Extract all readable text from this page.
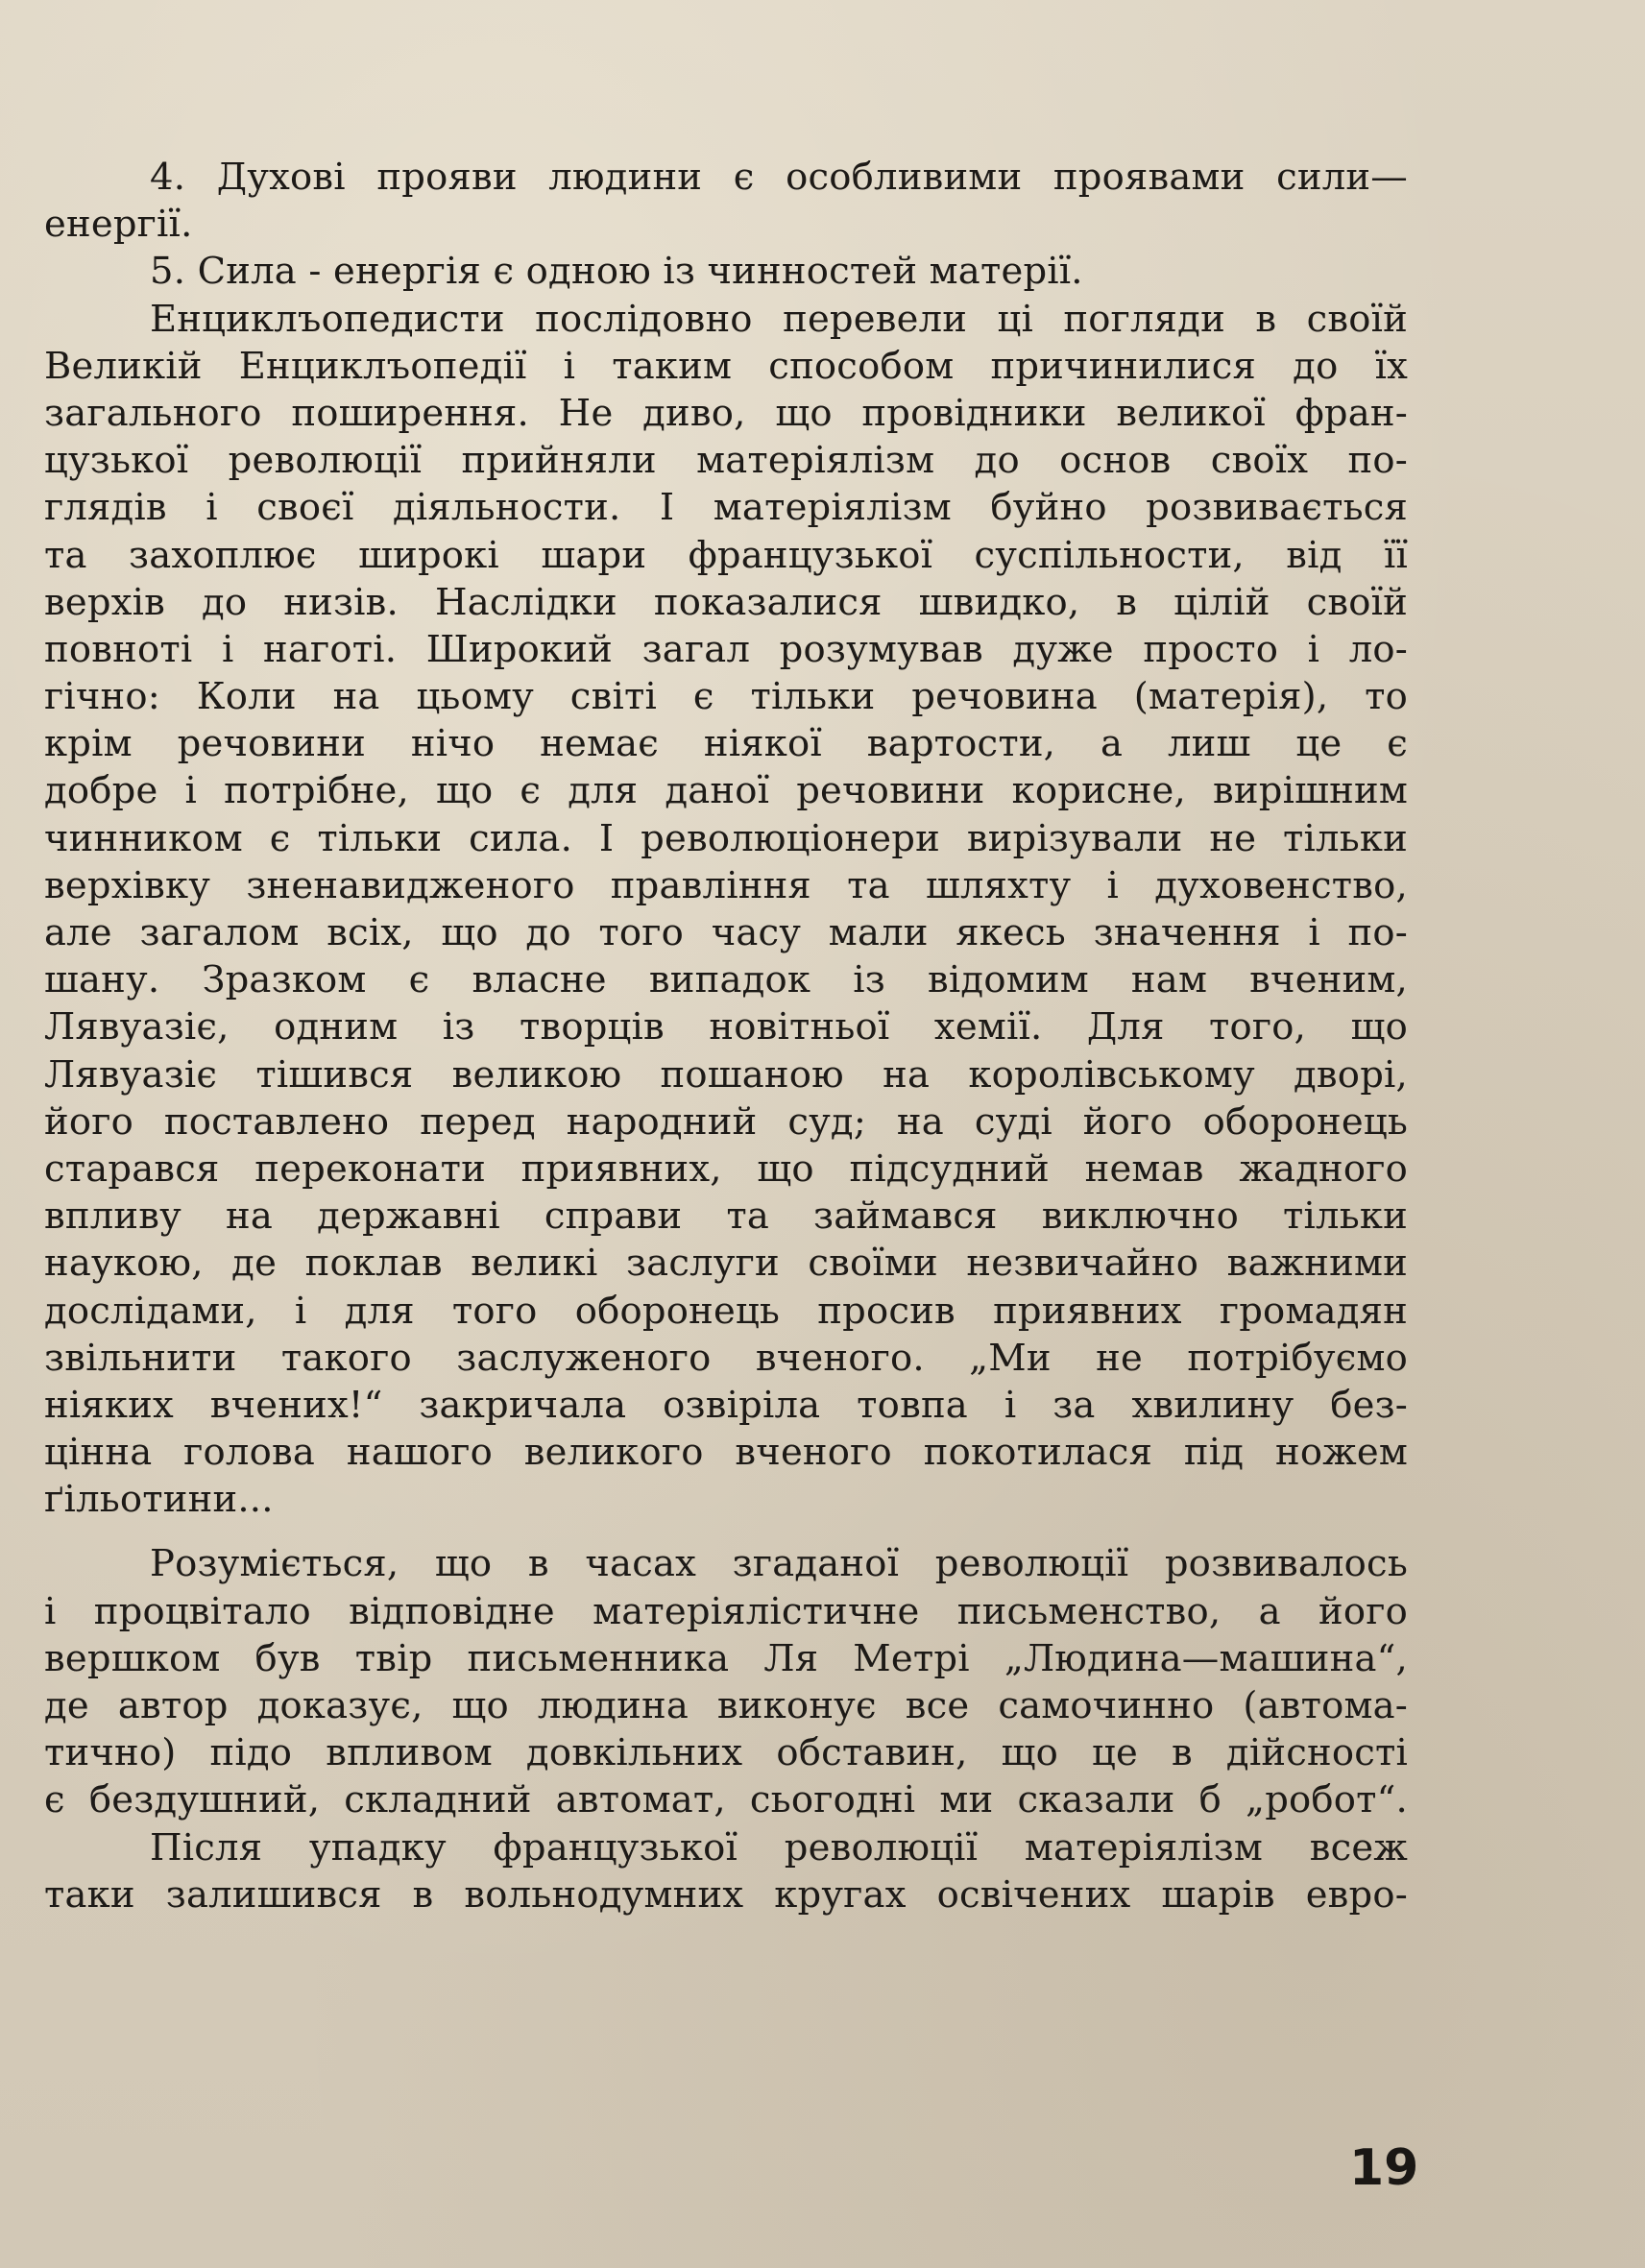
4. Духові прояви людини є особливими проявами сили—
енергії.
5. Сила - енергія є одною із чинностей матерії.
Енциклъопедисти послідовно перевели ці погляди в своїй
Великій Енциклъопедії і таким способом причинилися до їх
загального поширення. Не диво, що провідники великої фран-
цузької революції прийняли матеріялізм до основ своїх по-
глядів і своєї діяльности. І матеріялізм буйно розвивається
та захоплює широкі шари французької суспільности, від її
верхів до низів. Наслідки показалися швидко, в цілій своїй
повноті і наготі. Широкий загал розумував дуже просто і ло-
гічно: Коли на цьому світі є тільки речовина (матерія), то
крім речовини нічо немає ніякої вартости, а лиш це є
добре і потрібне, що є для даної речовини корисне, вирішним
чинником є тільки сила. І революціонери вирізували не тільки
верхівку зненавидженого правління та шляхту і духовенство,
але загалом всіх, що до того часу мали якесь значення і по-
шану. Зразком є власне випадок із відомим нам вченим,
Лявуазіє, одним із творців новітньої хемії. Для того, що
Лявуазіє тішився великою пошаною на королівському дворі,
його поставлено перед народний суд; на суді його оборонець
старався переконати приявних, що підсудний немав жадного
впливу на державні справи та займався виключно тільки
наукою, де поклав великі заслуги своїми незвичайно важними
дослідами, і для того оборонець просив приявних громадян
звільнити такого заслуженого вченого. „Ми не потрібуємо
ніяких вчених!“ закричала озвіріла товпа і за хвилину без-
цінна голова нашого великого вченого покотилася під ножем
ґільотини...
Розуміється, що в часах згаданої революції розвивалось
і процвітало відповідне матеріялістичне письменство, а його
вершком був твір письменника Ля Метрі „Людина—машина“,
де автор доказує, що людина виконує все самочинно (автома-
тично) підо впливом довкільних обставин, що це в дійсності
є бездушний, складний автомат, сьогодні ми сказали б „робот“.
Після упадку французької революції матеріялізм всеж
таки залишився в вольнодумних кругах освічених шарів евро-
19
